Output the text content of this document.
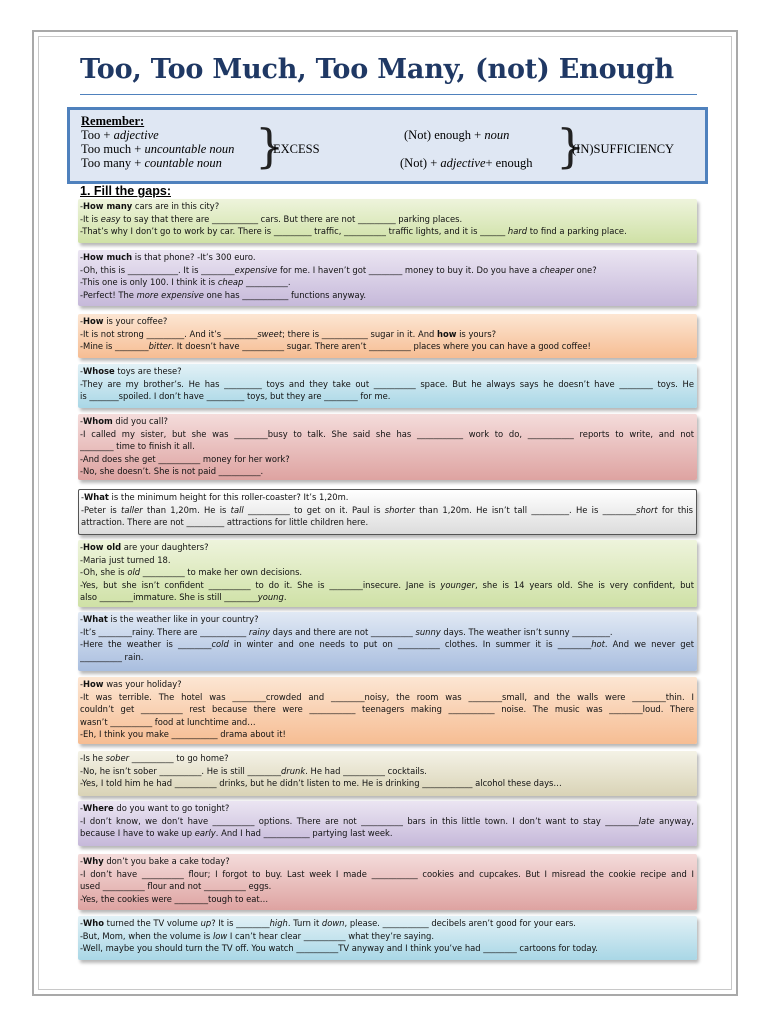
Too, Too Much, Too Many, (not) Enough
Remember:
Too + adjective
Too much + uncountable noun
Too many + countable noun }
EXCESS
(Not) enough + noun
(Not) + adjective+ enough }
(IN)SUFFICIENCY
1. Fill the gaps:
-How many cars are in this city?
-It is easy to say that there are ___________ cars. But there are not _________ parking places.
-That’s why I don’t go to work by car. There is _________ traffic, __________ traffic lights, and it is ______ hard to find a parking place.
-How much is that phone? -It’s 300 euro.
-Oh, this is ____________. It is ________expensive for me. I haven’t got ________ money to buy it. Do you have a cheaper one?
-This one is only 100. I think it is cheap __________.
-Perfect! The more expensive one has ___________ functions anyway.
-How is your coffee?
-It is not strong _________. And it’s ________sweet; there is ___________ sugar in it. And how is yours?
-Mine is ________bitter. It doesn’t have __________ sugar. There aren’t __________ places where you can have a good coffee!
-Whose toys are these?
-They are my brother’s. He has _________ toys and they take out __________ space. But he always says he doesn’t have ________ toys. He
is _______spoiled. I don’t have _________ toys, but they are ________ for me.
-Whom did you call?
-I called my sister, but she was ________busy to talk. She said she has ___________ work to do, ___________ reports to write, and not
________ time to finish it all.
-And does she get __________ money for her work?
-No, she doesn’t. She is not paid __________.
-What is the minimum height for this roller-coaster? It’s 1,20m.
-Peter is taller than 1,20m. He is tall __________ to get on it. Paul is shorter than 1,20m. He isn’t tall _________. He is ________short for this
attraction. There are not _________ attractions for little children here.
-How old are your daughters?
-Maria just turned 18.
-Oh, she is old __________ to make her own decisions.
-Yes, but she isn’t confident __________ to do it. She is ________insecure. Jane is younger, she is 14 years old. She is very confident, but
also ________immature. She is still ________young.
-What is the weather like in your country?
-It’s ________rainy. There are ___________ rainy days and there are not __________ sunny days. The weather isn’t sunny _________.
-Here the weather is ________cold in winter and one needs to put on __________ clothes. In summer it is ________hot. And we never get
__________ rain.
-How was your holiday?
-It was terrible. The hotel was ________crowded and ________noisy, the room was ________small, and the walls were ________thin. I
couldn’t get __________ rest because there were ___________ teenagers making ___________ noise. The music was ________loud. There
wasn’t __________ food at lunchtime and…
-Eh, I think you make ___________ drama about it!
-Is he sober __________ to go home?
-No, he isn’t sober __________. He is still ________drunk. He had __________ cocktails.
-Yes, I told him he had __________ drinks, but he didn’t listen to me. He is drinking ____________ alcohol these days…
-Where do you want to go tonight?
-I don’t know, we don’t have __________ options. There are not __________ bars in this little town. I don’t want to stay ________late anyway,
because I have to wake up early. And I had ___________ partying last week.
-Why don’t you bake a cake today?
-I don’t have __________ flour; I forgot to buy. Last week I made ___________ cookies and cupcakes. But I misread the cookie recipe and I
used __________ flour and not __________ eggs.
-Yes, the cookies were ________tough to eat…
-Who turned the TV volume up? It is ________high. Turn it down, please. ___________ decibels aren’t good for your ears.
-But, Mom, when the volume is low I can’t hear clear __________ what they’re saying.
-Well, maybe you should turn the TV off. You watch __________TV anyway and I think you’ve had ________ cartoons for today.
